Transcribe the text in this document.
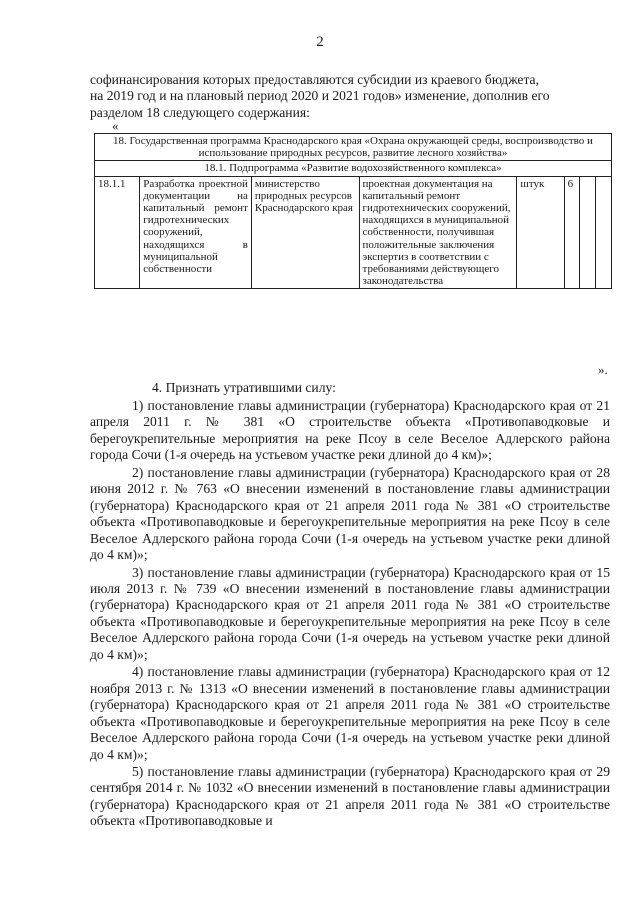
2
софинансирования которых предоставляются субсидии из краевого бюджета,
на 2019 год и на плановый период 2020 и 2021 годов» изменение, дополнив его
разделом 18 следующего содержания:
«
18. Государственная программа Краснодарского края «Охрана окружающей среды, воспроизводство и использование природных ресурсов, развитие лесного хозяйства»
18.1. Подпрограмма «Развитие водохозяйственного комплекса»
18.1.1	Разработка проектной документации на капитальный ремонт гидротехнических сооружений, находящихся в муниципальной собственности	министерство природных ресурсов Краснодарского края	проектная документация на капитальный ремонт гидротехнических сооружений, находящихся в муниципальной собственности, получившая положительные заключения экспертиз в соответствии с требованиями действующего законодательства	штук	6		
».
4. Признать утратившими силу:
1) постановление главы администрации (губернатора) Краснодарского края от 21 апреля 2011 г. № 381 «О строительстве объекта «Противопаводковые и берегоукрепительные мероприятия на реке Псоу в селе Веселое Адлерского района города Сочи (1-я очередь на устьевом участке реки длиной до 4 км)»;
2) постановление главы администрации (губернатора) Краснодарского края от 28 июня 2012 г. № 763 «О внесении изменений в постановление главы администрации (губернатора) Краснодарского края от 21 апреля 2011 года № 381 «О строительстве объекта «Противопаводковые и берегоукрепительные мероприятия на реке Псоу в селе Веселое Адлерского района города Сочи (1-я очередь на устьевом участке реки длиной до 4 км)»;
3) постановление главы администрации (губернатора) Краснодарского края от 15 июля 2013 г. № 739 «О внесении изменений в постановление главы администрации (губернатора) Краснодарского края от 21 апреля 2011 года № 381 «О строительстве объекта «Противопаводковые и берегоукрепительные мероприятия на реке Псоу в селе Веселое Адлерского района города Сочи (1-я очередь на устьевом участке реки длиной до 4 км)»;
4) постановление главы администрации (губернатора) Краснодарского края от 12 ноября 2013 г. № 1313 «О внесении изменений в постановление главы администрации (губернатора) Краснодарского края от 21 апреля 2011 года № 381 «О строительстве объекта «Противопаводковые и берегоукрепительные мероприятия на реке Псоу в селе Веселое Адлерского района города Сочи (1-я очередь на устьевом участке реки длиной до 4 км)»;
5) постановление главы администрации (губернатора) Краснодарского края от 29 сентября 2014 г. № 1032 «О внесении изменений в постановление главы администрации (губернатора) Краснодарского края от 21 апреля 2011 года № 381 «О строительстве объекта «Противопаводковые и
